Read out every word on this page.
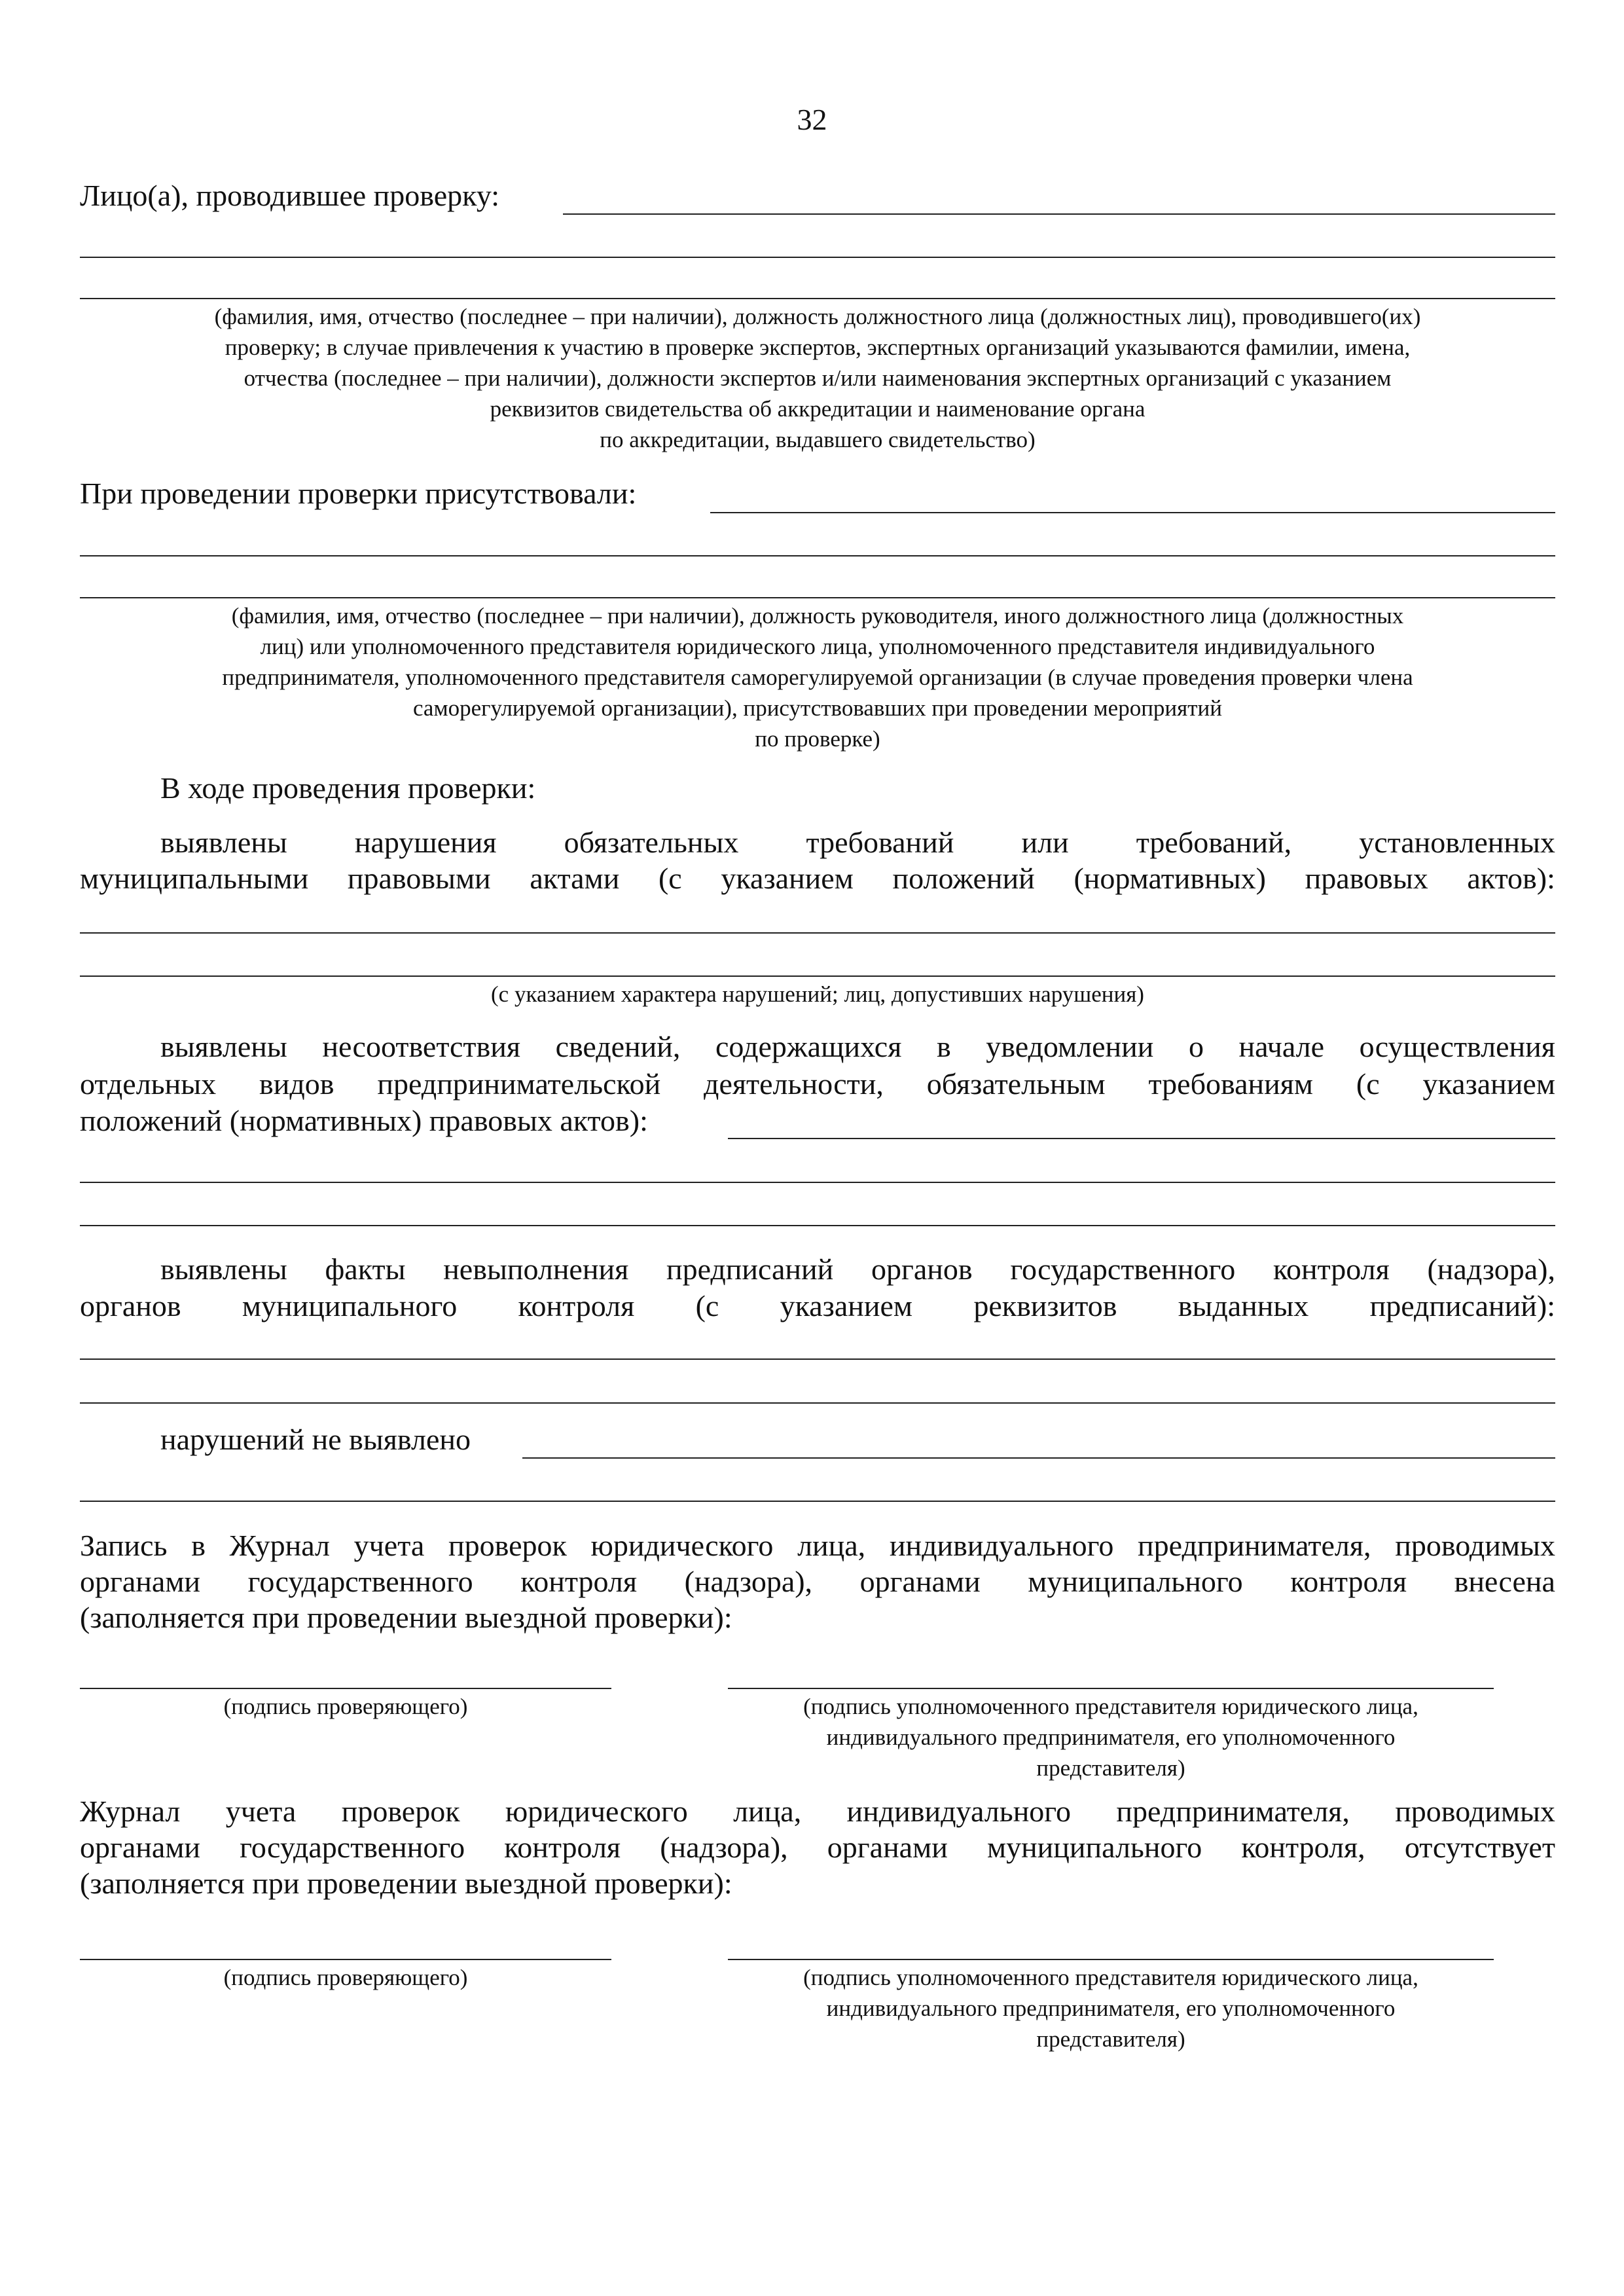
32
Лицо(а), проводившее проверку:
(фамилия, имя, отчество (последнее – при наличии), должность должностного лица (должностных лиц), проводившего(их)
проверку; в случае привлечения к участию в проверке экспертов, экспертных организаций указываются фамилии, имена,
отчества (последнее – при наличии), должности экспертов и/или наименования экспертных организаций с указанием
реквизитов свидетельства об аккредитации и наименование органа
по аккредитации, выдавшего свидетельство)
При проведении проверки присутствовали:
(фамилия, имя, отчество (последнее – при наличии), должность руководителя, иного должностного лица (должностных
лиц) или уполномоченного представителя юридического лица, уполномоченного представителя индивидуального
предпринимателя, уполномоченного представителя саморегулируемой организации (в случае проведения проверки члена
саморегулируемой организации), присутствовавших при проведении мероприятий
по проверке)
В ходе проведения проверки:
выявлены нарушения обязательных требований или требований, установленных
муниципальными правовыми актами (с указанием положений (нормативных) правовых актов):
(с указанием характера нарушений; лиц, допустивших нарушения)
выявлены несоответствия сведений, содержащихся в уведомлении о начале осуществления
отдельных видов предпринимательской деятельности, обязательным требованиям (с указанием
положений (нормативных) правовых актов):
выявлены факты невыполнения предписаний органов государственного контроля (надзора),
органов муниципального контроля (с указанием реквизитов выданных предписаний):
нарушений не выявлено
Запись в Журнал учета проверок юридического лица, индивидуального предпринимателя, проводимых
органами государственного контроля (надзора), органами муниципального контроля внесена
(заполняется при проведении выездной проверки):
(подпись проверяющего)	(подпись уполномоченного представителя юридического лица,
индивидуального предпринимателя, его уполномоченного
представителя)
Журнал учета проверок юридического лица, индивидуального предпринимателя, проводимых
органами государственного контроля (надзора), органами муниципального контроля, отсутствует
(заполняется при проведении выездной проверки):
(подпись проверяющего)	(подпись уполномоченного представителя юридического лица,
индивидуального предпринимателя, его уполномоченного
представителя)
